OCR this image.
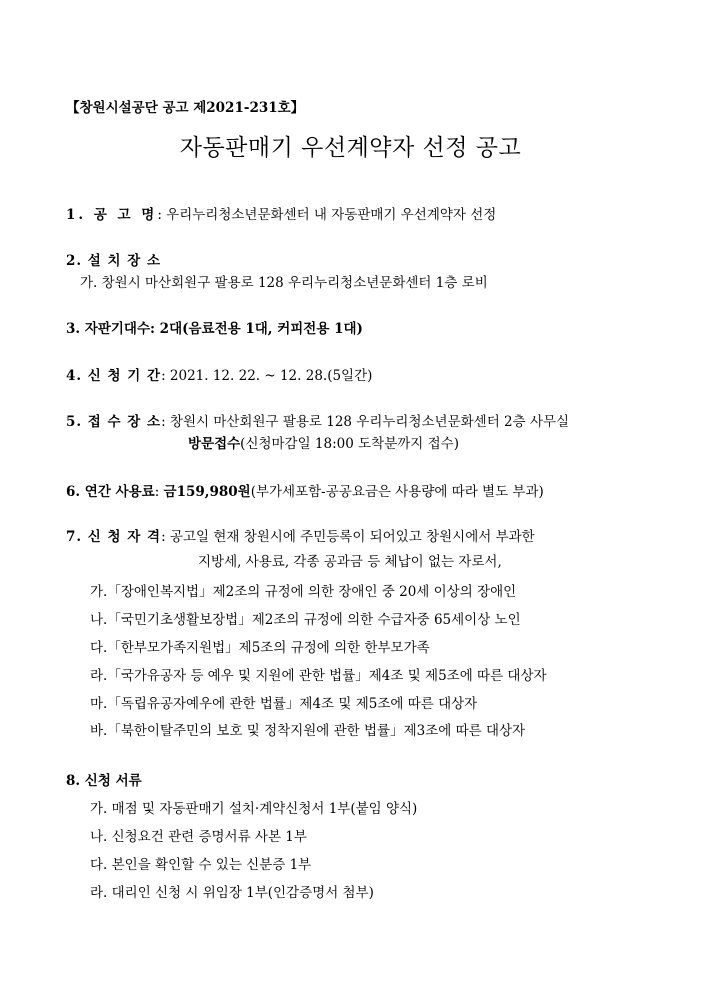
【창원시설공단 공고 제2021-231호】
자동판매기 우선계약자 선정 공고
1. 공 고 명: 우리누리청소년문화센터 내 자동판매기 우선계약자 선정
2. 설 치 장 소
가. 창원시 마산회원구 팔용로 128 우리누리청소년문화센터 1층 로비
3. 자판기대수: 2대(음료전용 1대, 커피전용 1대)
4. 신 청 기 간: 2021. 12. 22. ~ 12. 28.(5일간)
5. 접 수 장 소: 창원시 마산회원구 팔용로 128 우리누리청소년문화센터 2층 사무실
방문접수(신청마감일 18:00 도착분까지 접수)
6. 연간 사용료: 금159,980원(부가세포함-공공요금은 사용량에 따라 별도 부과)
7. 신 청 자 격: 공고일 현재 창원시에 주민등록이 되어있고 창원시에서 부과한
지방세, 사용료, 각종 공과금 등 체납이 없는 자로서,
가.「장애인복지법」제2조의 규정에 의한 장애인 중 20세 이상의 장애인
나.「국민기초생활보장법」제2조의 규정에 의한 수급자중 65세이상 노인
다.「한부모가족지원법」제5조의 규정에 의한 한부모가족
라.「국가유공자 등 예우 및 지원에 관한 법률」제4조 및 제5조에 따른 대상자
마.「독립유공자예우에 관한 법률」제4조 및 제5조에 따른 대상자
바.「북한이탈주민의 보호 및 정착지원에 관한 법률」제3조에 따른 대상자
8. 신청 서류
가. 매점 및 자동판매기 설치·계약신청서 1부(붙임 양식)
나. 신청요건 관련 증명서류 사본 1부
다. 본인을 확인할 수 있는 신분증 1부
라. 대리인 신청 시 위임장 1부(인감증명서 첨부)
